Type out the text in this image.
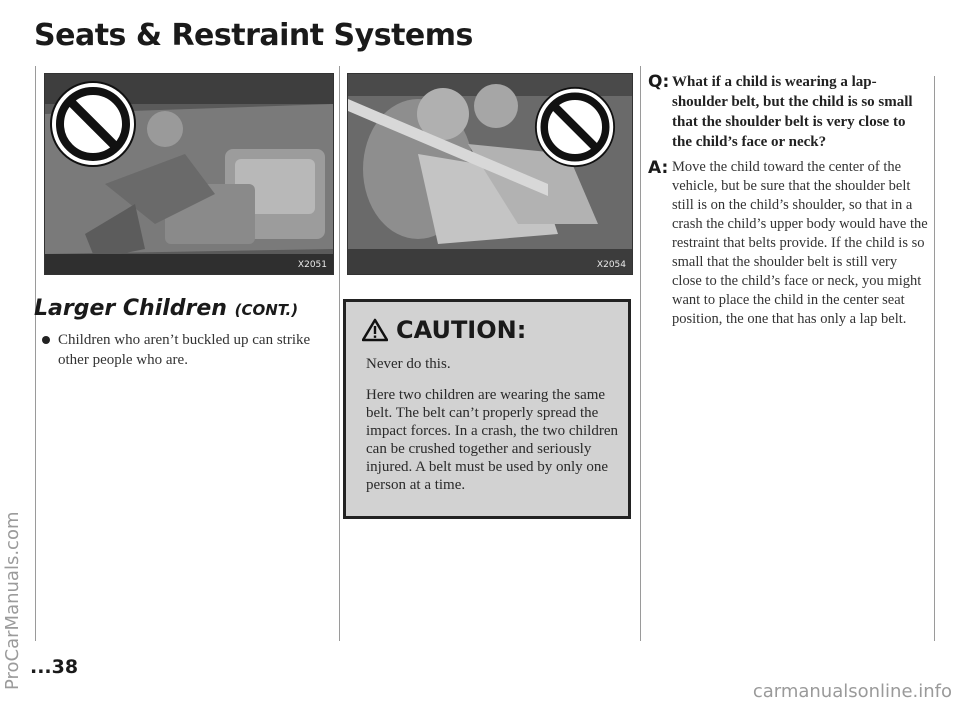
Seats & Restraint Systems
X2051	X2054
Larger Children (CONT.)
Children who aren’t buckled up can strike other people who are.
CAUTION:
Never do this.
Here two children are wearing the same belt. The belt can’t properly spread the impact forces. In a crash, the two children can be crushed together and seriously injured. A belt must be used by only one person at a time.
Q: What if a child is wearing a lap-shoulder belt, but the child is so small that the shoulder belt is very close to the child’s face or neck?
A: Move the child toward the center of the vehicle, but be sure that the shoulder belt still is on the child’s shoulder, so that in a crash the child’s upper body would have the restraint that belts provide. If the child is so small that the shoulder belt is still very close to the child’s face or neck, you might want to place the child in the center seat position, the one that has only a lap belt.
...38
ProCarManuals.com
carmanualsonline.info
